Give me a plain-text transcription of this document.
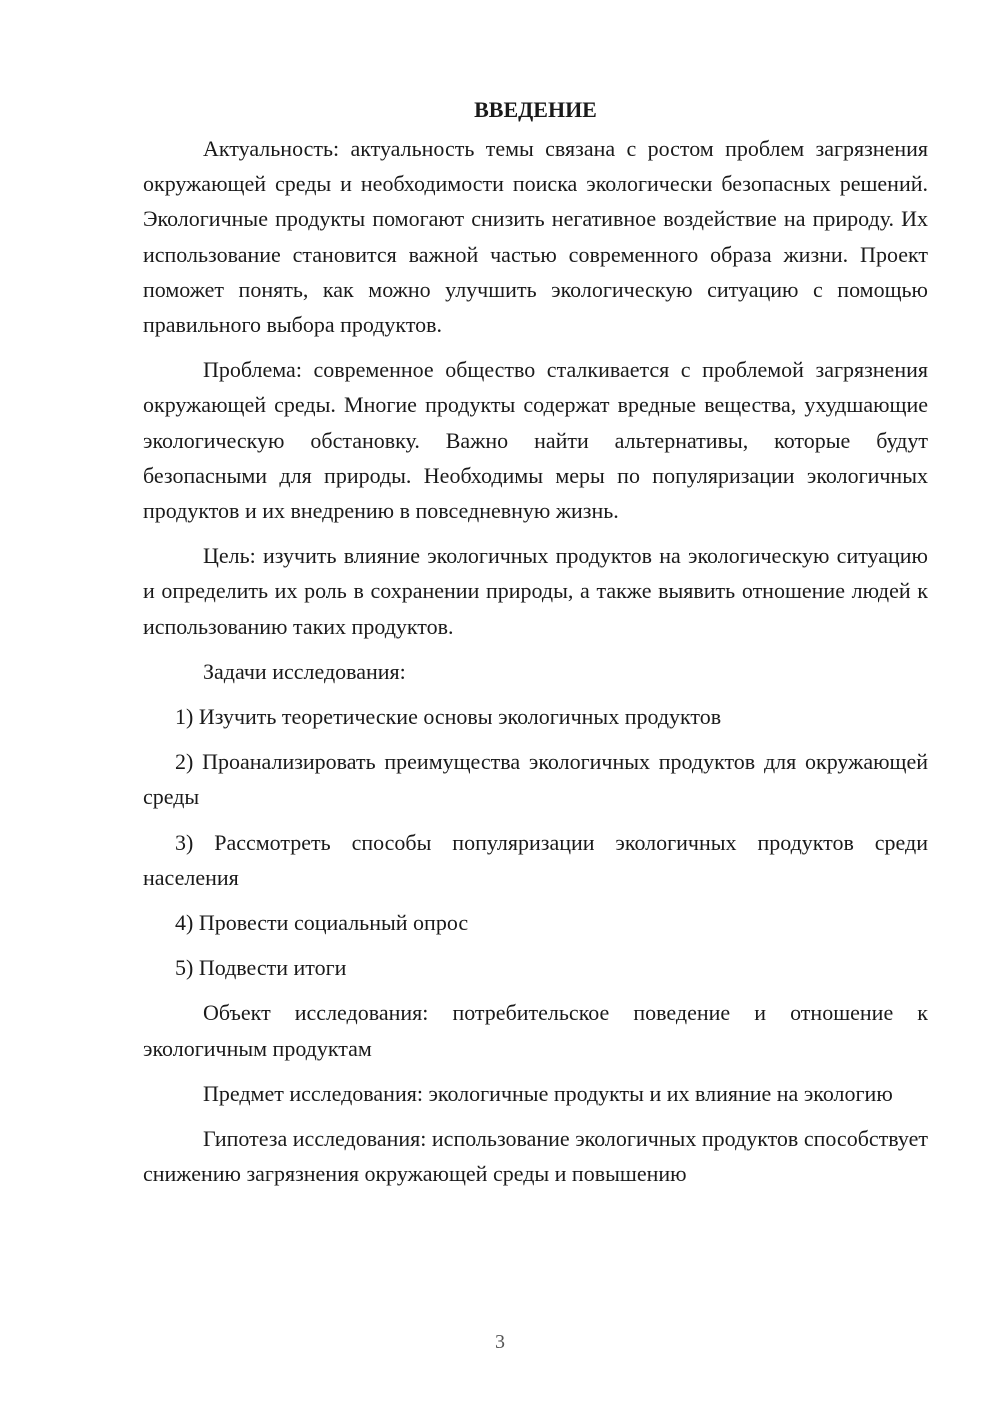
ВВЕДЕНИЕ

Актуальность: актуальность темы связана с ростом проблем загрязнения окружающей среды и необходимости поиска экологически безопасных решений. Экологичные продукты помогают снизить негативное воздействие на природу. Их использование становится важной частью современного образа жизни. Проект поможет понять, как можно улучшить экологическую ситуацию с помощью правильного выбора продуктов.

Проблема: современное общество сталкивается с проблемой загрязнения окружающей среды. Многие продукты содержат вредные вещества, ухудшающие экологическую обстановку. Важно найти альтернативы, которые будут безопасными для природы. Необходимы меры по популяризации экологичных продуктов и их внедрению в повседневную жизнь.

Цель: изучить влияние экологичных продуктов на экологическую ситуацию и определить их роль в сохранении природы, а также выявить отношение людей к использованию таких продуктов.

Задачи исследования:

1) Изучить теоретические основы экологичных продуктов

2) Проанализировать преимущества экологичных продуктов для окружающей среды

3) Рассмотреть способы популяризации экологичных продуктов среди населения

4) Провести социальный опрос

5) Подвести итоги

Объект исследования: потребительское поведение и отношение к экологичным продуктам

Предмет исследования: экологичные продукты и их влияние на экологию

Гипотеза исследования: использование экологичных продуктов способствует снижению загрязнения окружающей среды и повышению

3
